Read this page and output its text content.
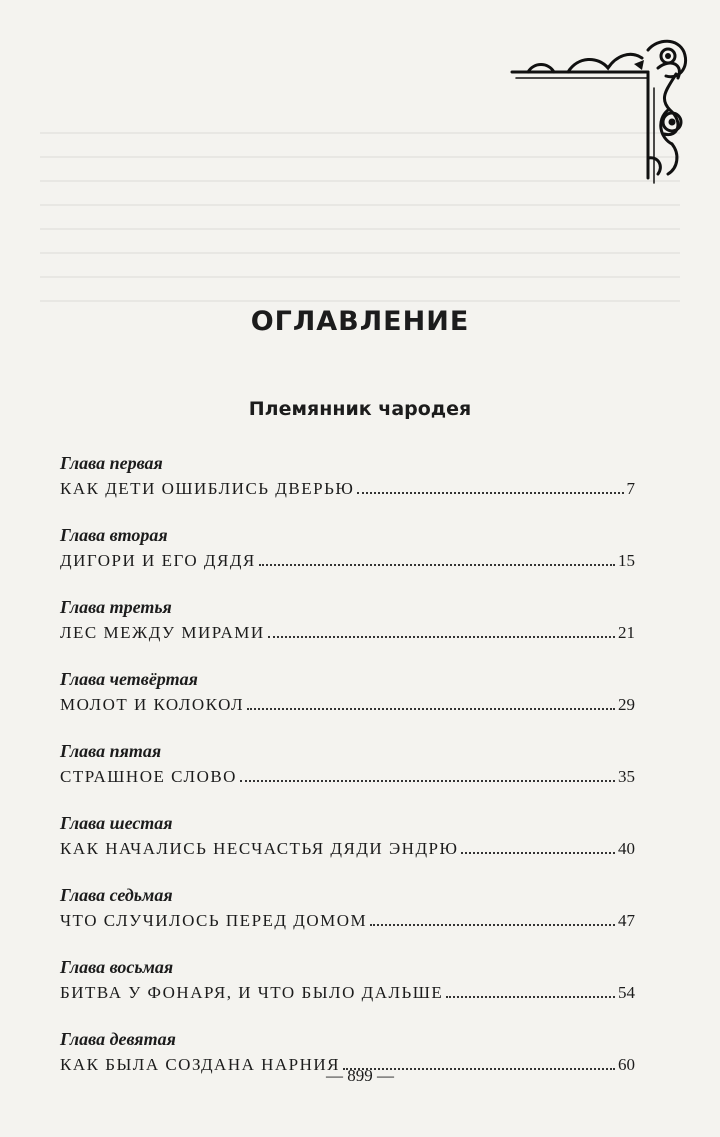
ОГЛАВЛЕНИЕ
Племянник чародея
Глава первая
КАК ДЕТИ ОШИБЛИСЬ ДВЕРЬЮ	7
Глава вторая
ДИГОРИ И ЕГО ДЯДЯ	15
Глава третья
ЛЕС МЕЖДУ МИРАМИ	21
Глава четвёртая
МОЛОТ И КОЛОКОЛ	29
Глава пятая
СТРАШНОЕ СЛОВО	35
Глава шестая
КАК НАЧАЛИСЬ НЕСЧАСТЬЯ ДЯДИ ЭНДРЮ	40
Глава седьмая
ЧТО СЛУЧИЛОСЬ ПЕРЕД ДОМОМ	47
Глава восьмая
БИТВА У ФОНАРЯ, И ЧТО БЫЛО ДАЛЬШЕ	54
Глава девятая
КАК БЫЛА СОЗДАНА НАРНИЯ	60
— 899 —
